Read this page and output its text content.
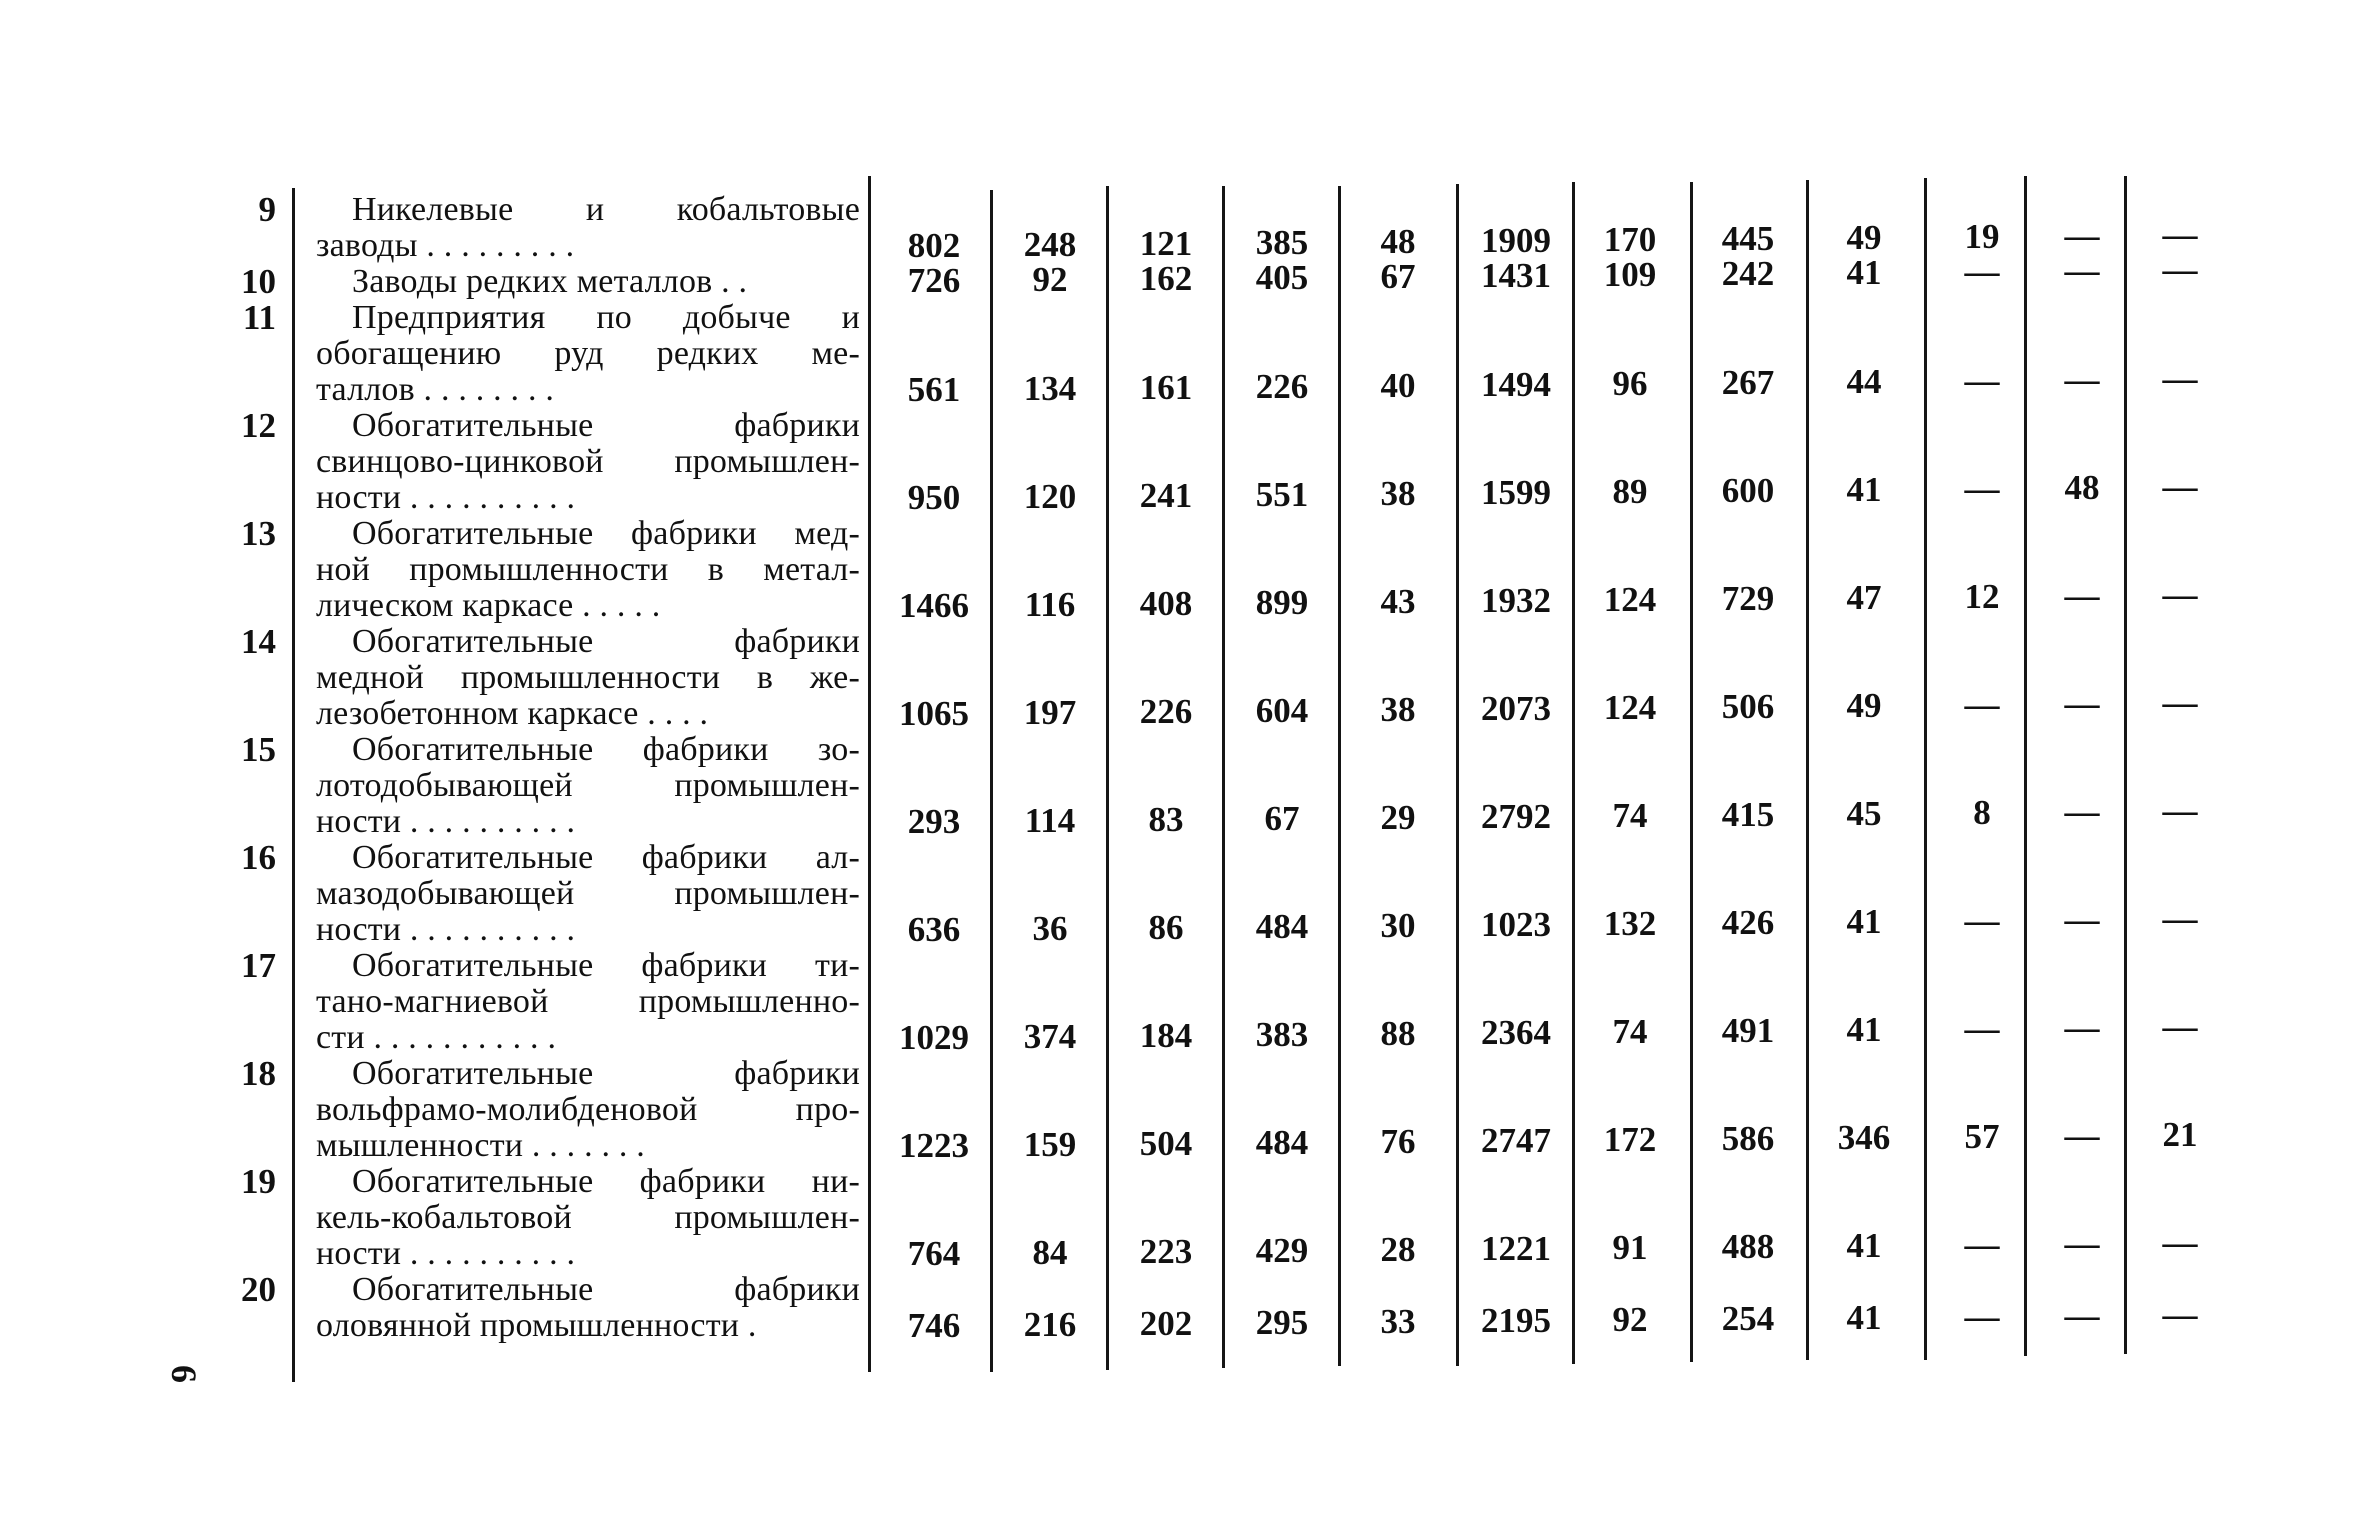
9	Никелевые и кобальтовые
заводы . . . . . . . . .	802	248	121	385	48	1909	170	445	49	19	—	—
10	Заводы редких металлов . .	726	92	162	405	67	1431	109	242	41	—	—	—
11	Предприятия по добыче и
обогащению руд редких ме-
таллов . . . . . . . .	561	134	161	226	40	1494	96	267	44	—	—	—
12	Обогатительные фабрики
свинцово-цинковой промышлен-
ности . . . . . . . . . .	950	120	241	551	38	1599	89	600	41	—	48	—
13	Обогатительные фабрики мед-
ной промышленности в метал-
лическом каркасе . . . . .	1466	116	408	899	43	1932	124	729	47	12	—	—
14	Обогатительные фабрики
медной промышленности в же-
лезобетонном каркасе . . . .	1065	197	226	604	38	2073	124	506	49	—	—	—
15	Обогатительные фабрики зо-
лотодобывающей промышлен-
ности . . . . . . . . . .	293	114	83	67	29	2792	74	415	45	8	—	—
16	Обогатительные фабрики ал-
мазодобывающей промышлен-
ности . . . . . . . . . .	636	36	86	484	30	1023	132	426	41	—	—	—
17	Обогатительные фабрики ти-
тано-магниевой промышленно-
сти . . . . . . . . . . .	1029	374	184	383	88	2364	74	491	41	—	—	—
18	Обогатительные фабрики
вольфрамо-молибденовой про-
мышленности . . . . . . .	1223	159	504	484	76	2747	172	586	346	57	—	21
19	Обогатительные фабрики ни-
кель-кобальтовой промышлен-
ности . . . . . . . . . .	764	84	223	429	28	1221	91	488	41	—	—	—
20	Обогатительные фабрики
оловянной промышленности .	746	216	202	295	33	2195	92	254	41	—	—	—
6
